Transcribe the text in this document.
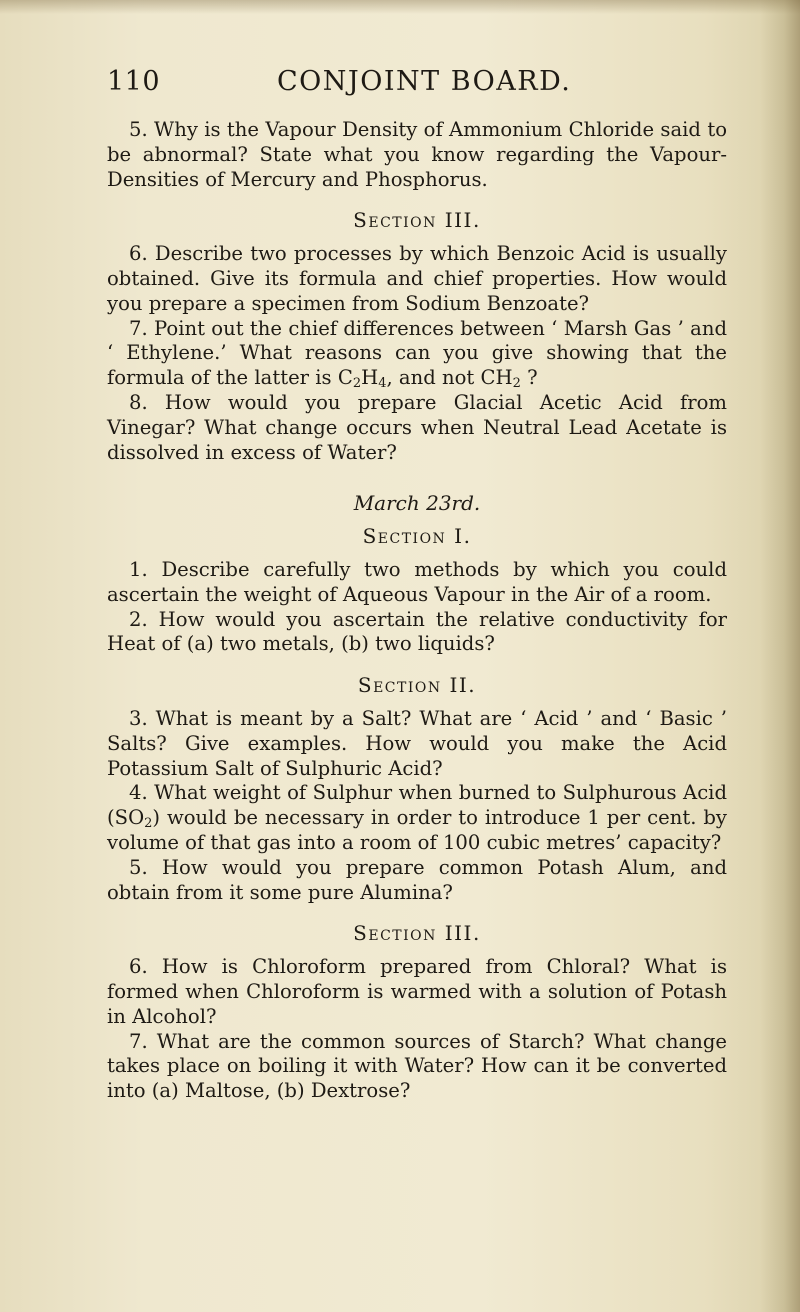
110	CONJOINT BOARD.

5. Why is the Vapour Density of Ammonium Chloride said to be abnormal? State what you know regarding the Vapour-Densities of Mercury and Phosphorus.

Section III.

6. Describe two processes by which Benzoic Acid is usually obtained. Give its formula and chief properties. How would you prepare a specimen from Sodium Benzoate?

7. Point out the chief differences between ‘ Marsh Gas ’ and ‘ Ethylene.’ What reasons can you give showing that the formula of the latter is $C_2H_4$, and not $CH_2$ ?

8. How would you prepare Glacial Acetic Acid from Vinegar? What change occurs when Neutral Lead Acetate is dissolved in excess of Water?

March 23rd.
Section I.

1. Describe carefully two methods by which you could ascertain the weight of Aqueous Vapour in the Air of a room.

2. How would you ascertain the relative conductivity for Heat of (a) two metals, (b) two liquids?

Section II.

3. What is meant by a Salt? What are ‘ Acid ’ and ‘ Basic ’ Salts? Give examples. How would you make the Acid Potassium Salt of Sulphuric Acid?

4. What weight of Sulphur when burned to Sulphurous Acid $(SO_2)$ would be necessary in order to introduce 1 per cent. by volume of that gas into a room of 100 cubic metres’ capacity?

5. How would you prepare common Potash Alum, and obtain from it some pure Alumina?

Section III.

6. How is Chloroform prepared from Chloral? What is formed when Chloroform is warmed with a solution of Potash in Alcohol?

7. What are the common sources of Starch? What change takes place on boiling it with Water? How can it be converted into (a) Maltose, (b) Dextrose?
